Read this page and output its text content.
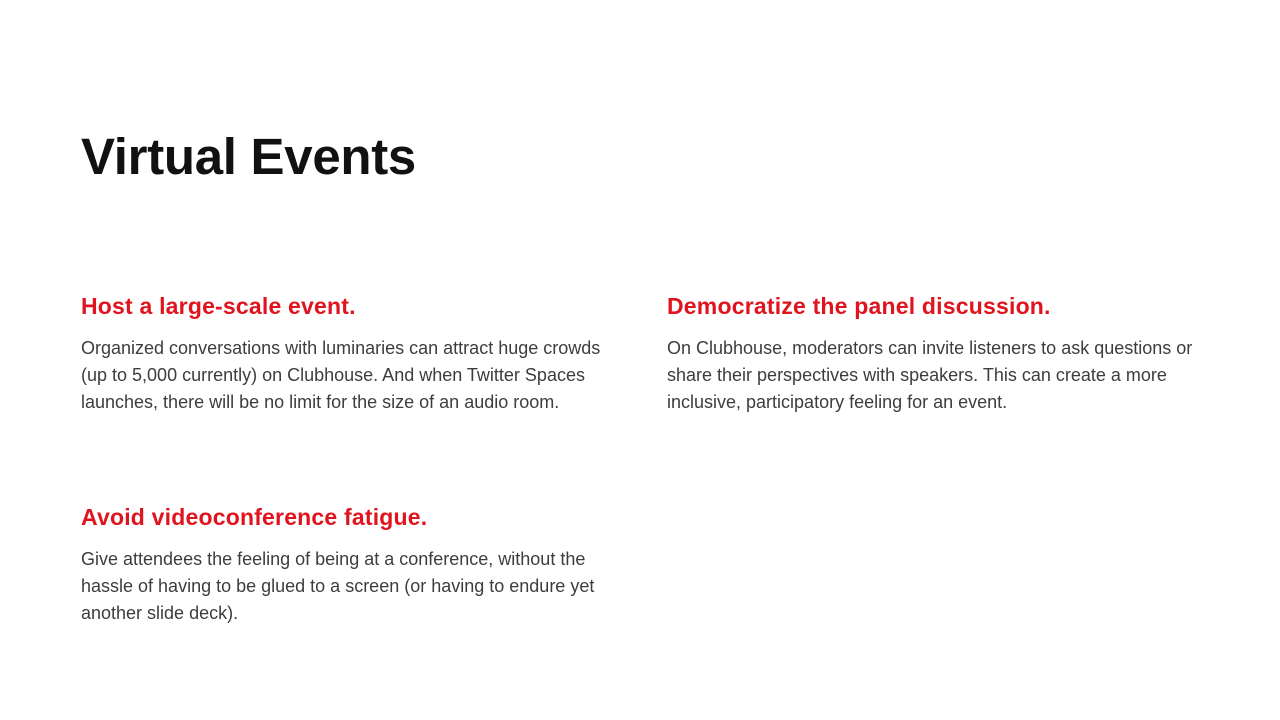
Virtual Events
Host a large-scale event.

Organized conversations with luminaries can attract huge crowds (up to 5,000 currently) on Clubhouse. And when Twitter Spaces launches, there will be no limit for the size of an audio room.

Democratize the panel discussion.

On Clubhouse, moderators can invite listeners to ask questions or share their perspectives with speakers. This can create a more inclusive, participatory feeling for an event.

Avoid videoconference fatigue.

Give attendees the feeling of being at a conference, without the hassle of having to be glued to a screen (or having to endure yet another slide deck).
